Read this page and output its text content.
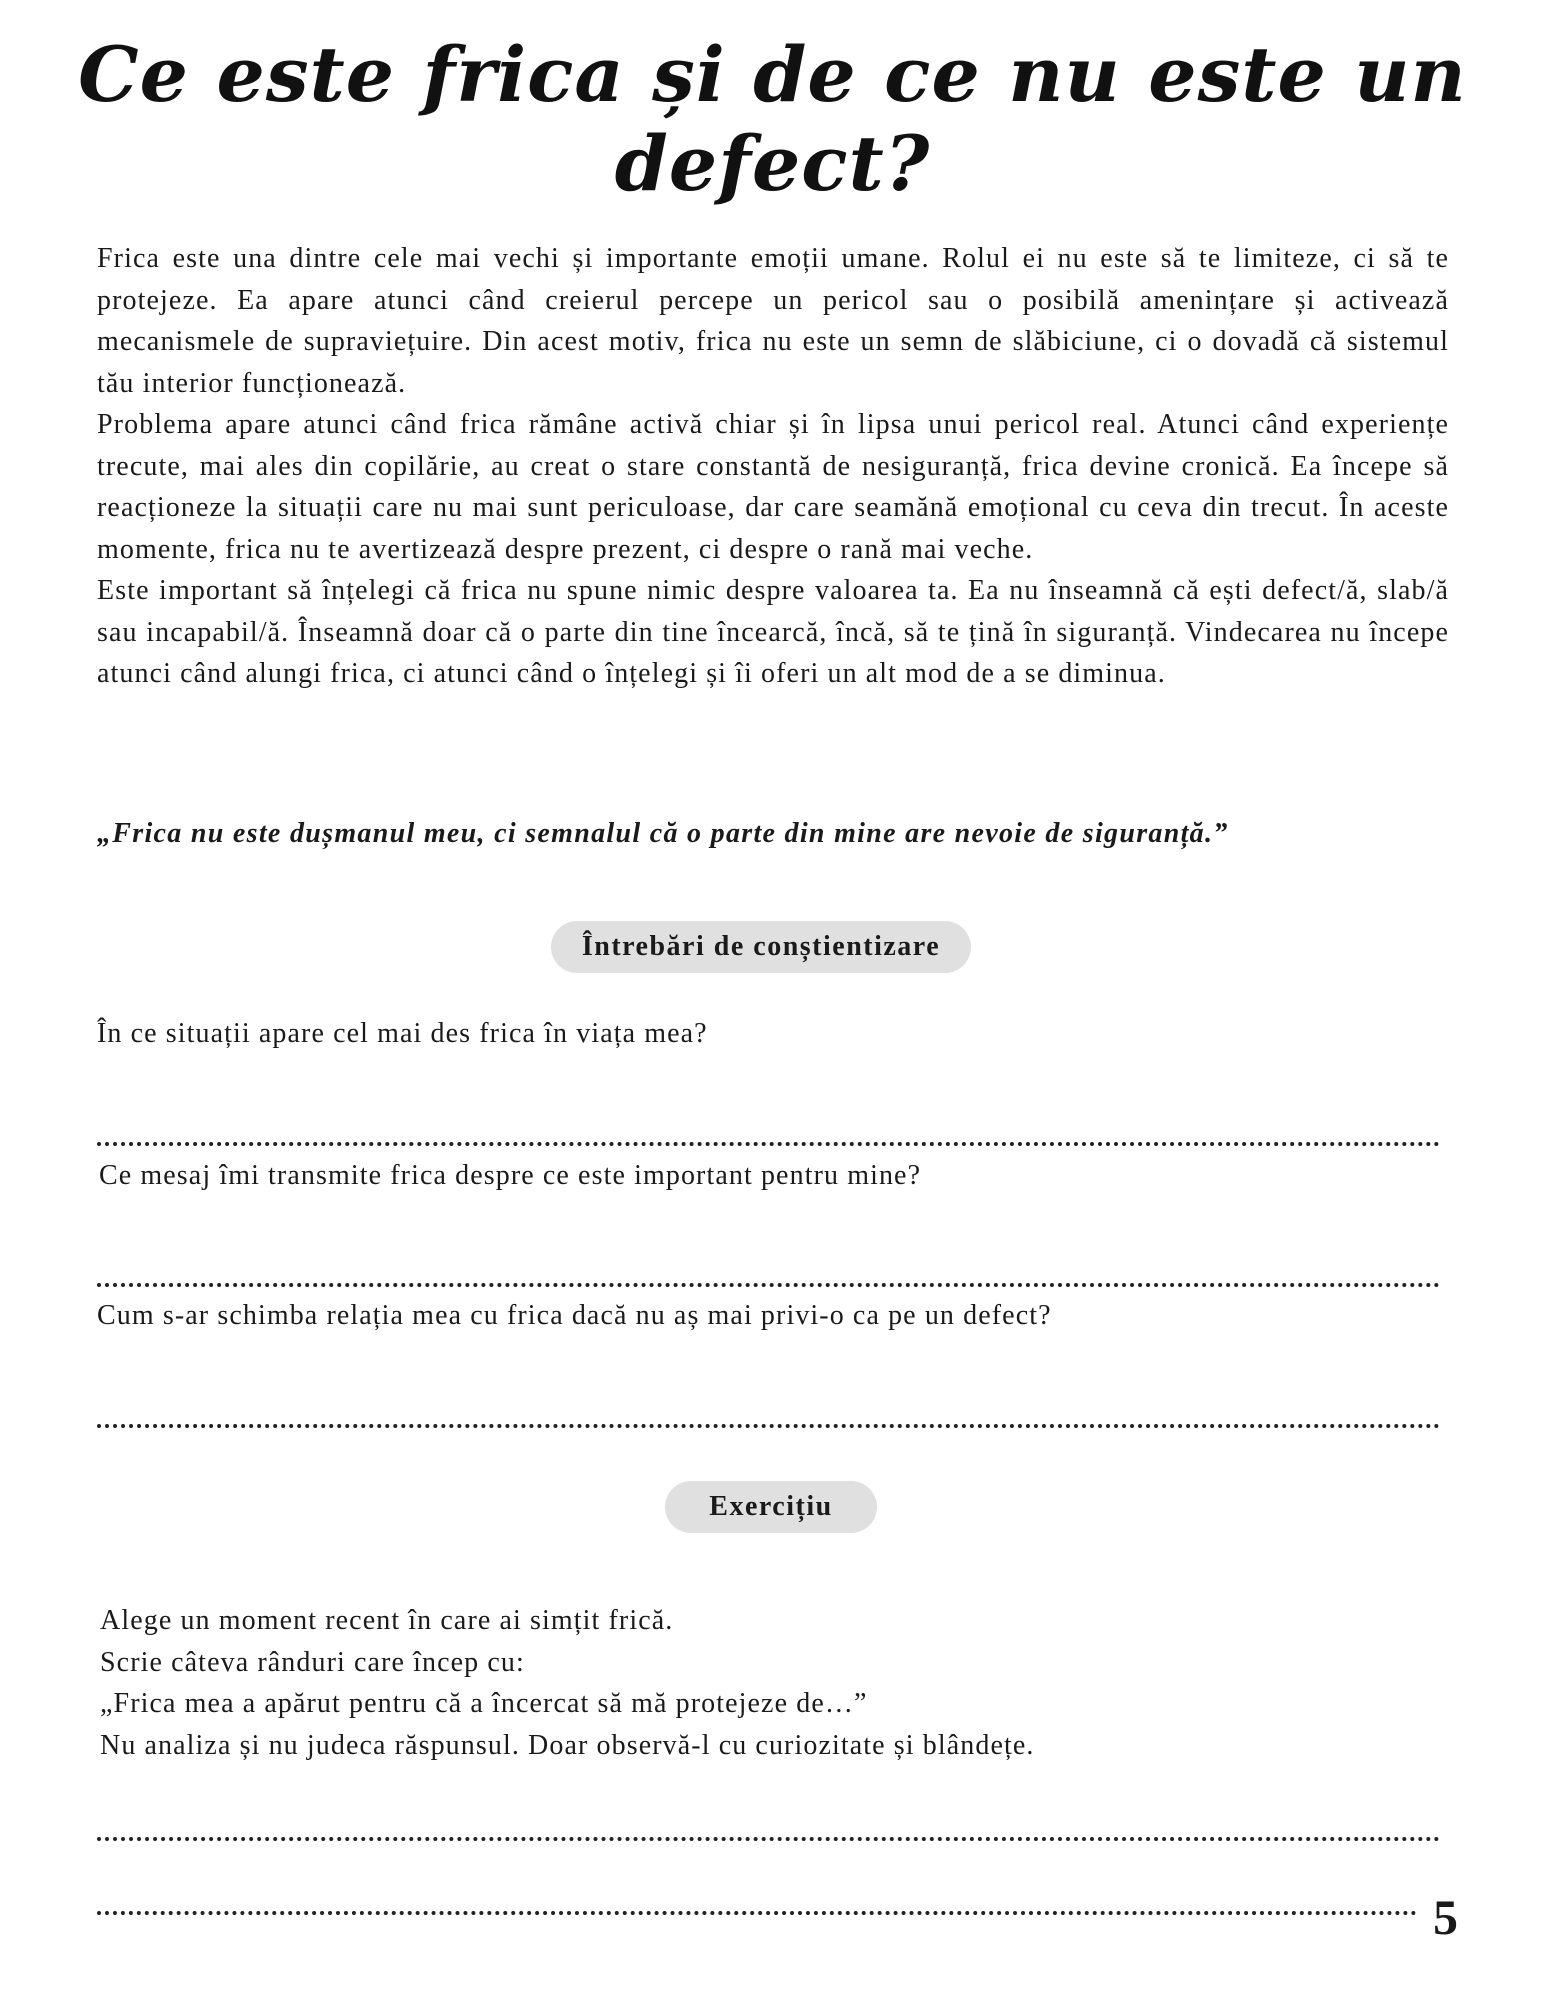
Ce este frica și de ce nu este un defect?

Frica este una dintre cele mai vechi și importante emoții umane. Rolul ei nu este să te limiteze, ci să te protejeze. Ea apare atunci când creierul percepe un pericol sau o posibilă amenințare și activează mecanismele de supraviețuire. Din acest motiv, frica nu este un semn de slăbiciune, ci o dovadă că sistemul tău interior funcționează.

Problema apare atunci când frica rămâne activă chiar și în lipsa unui pericol real. Atunci când experiențe trecute, mai ales din copilărie, au creat o stare constantă de nesiguranță, frica devine cronică. Ea începe să reacționeze la situații care nu mai sunt periculoase, dar care seamănă emoțional cu ceva din trecut. În aceste momente, frica nu te avertizează despre prezent, ci despre o rană mai veche.

Este important să înțelegi că frica nu spune nimic despre valoarea ta. Ea nu înseamnă că ești defect/ă, slab/ă sau incapabil/ă. Înseamnă doar că o parte din tine încearcă, încă, să te țină în siguranță. Vindecarea nu începe atunci când alungi frica, ci atunci când o înțelegi și îi oferi un alt mod de a se diminua.

„Frica nu este dușmanul meu, ci semnalul că o parte din mine are nevoie de siguranță.”
Întrebări de conștientizare
În ce situații apare cel mai des frica în viața mea?
Ce mesaj îmi transmite frica despre ce este important pentru mine?
Cum s-ar schimba relația mea cu frica dacă nu aș mai privi-o ca pe un defect?
Exercițiu

Alege un moment recent în care ai simțit frică.

Scrie câteva rânduri care încep cu:

„Frica mea a apărut pentru că a încercat să mă protejeze de…”

Nu analiza și nu judeca răspunsul. Doar observă-l cu curiozitate și blândețe.

5
